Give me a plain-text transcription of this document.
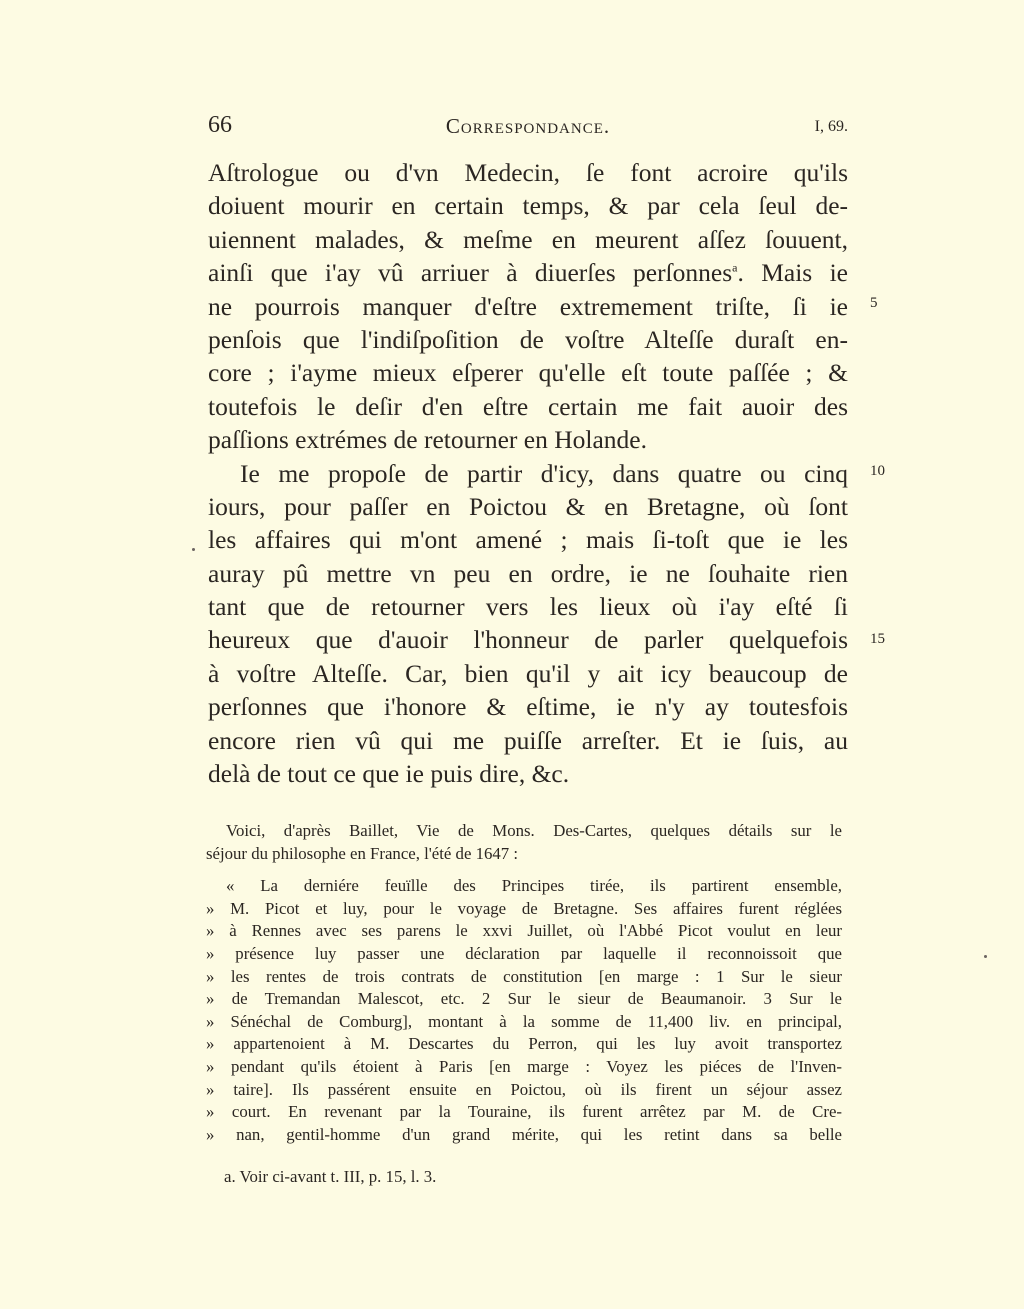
66	Correspondance.	I, 69.
Aſtrologue ou d'vn Medecin, ſe font acroire qu'ils
doiuent mourir en certain temps, & par cela ſeul de-
uiennent malades, & meſme en meurent aſſez ſouuent,
ainſi que i'ay vû arriuer à diuerſes perſonnes$^a$. Mais ie
ne pourrois manquer d'eſtre extremement triſte, ſi ie
penſois que l'indiſpoſition de voſtre Alteſſe duraſt en-
core ; i'ayme mieux eſperer qu'elle eſt toute paſſée ; &
toutefois le deſir d'en eſtre certain me fait auoir des
paſſions extrémes de retourner en Holande.
Ie me propoſe de partir d'icy, dans quatre ou cinq
iours, pour paſſer en Poictou & en Bretagne, où ſont
les affaires qui m'ont amené ; mais ſi-toſt que ie les
auray pû mettre vn peu en ordre, ie ne ſouhaite rien
tant que de retourner vers les lieux où i'ay eſté ſi
heureux que d'auoir l'honneur de parler quelquefois
à voſtre Alteſſe. Car, bien qu'il y ait icy beaucoup de
perſonnes que i'honore & eſtime, ie n'y ay toutesfois
encore rien vû qui me puiſſe arreſter. Et ie ſuis, au
delà de tout ce que ie puis dire, &c.
5
10
15
Voici, d'après Baillet, Vie de Mons. Des-Cartes, quelques détails sur le
séjour du philosophe en France, l'été de 1647 :
« La derniére feuïlle des Principes tirée, ils partirent ensemble,
» M. Picot et luy, pour le voyage de Bretagne. Ses affaires furent réglées
» à Rennes avec ses parens le xxvi Juillet, où l'Abbé Picot voulut en leur
» présence luy passer une déclaration par laquelle il reconnoissoit que
» les rentes de trois contrats de constitution [en marge : 1 Sur le sieur
» de Tremandan Malescot, etc. 2 Sur le sieur de Beaumanoir. 3 Sur le
» Sénéchal de Comburg], montant à la somme de 11,400 liv. en principal,
» appartenoient à M. Descartes du Perron, qui les luy avoit transportez
» pendant qu'ils étoient à Paris [en marge : Voyez les piéces de l'Inven-
» taire]. Ils passérent ensuite en Poictou, où ils firent un séjour assez
» court. En revenant par la Touraine, ils furent arrêtez par M. de Cre-
» nan, gentil-homme d'un grand mérite, qui les retint dans sa belle
a. Voir ci-avant t. III, p. 15, l. 3.
